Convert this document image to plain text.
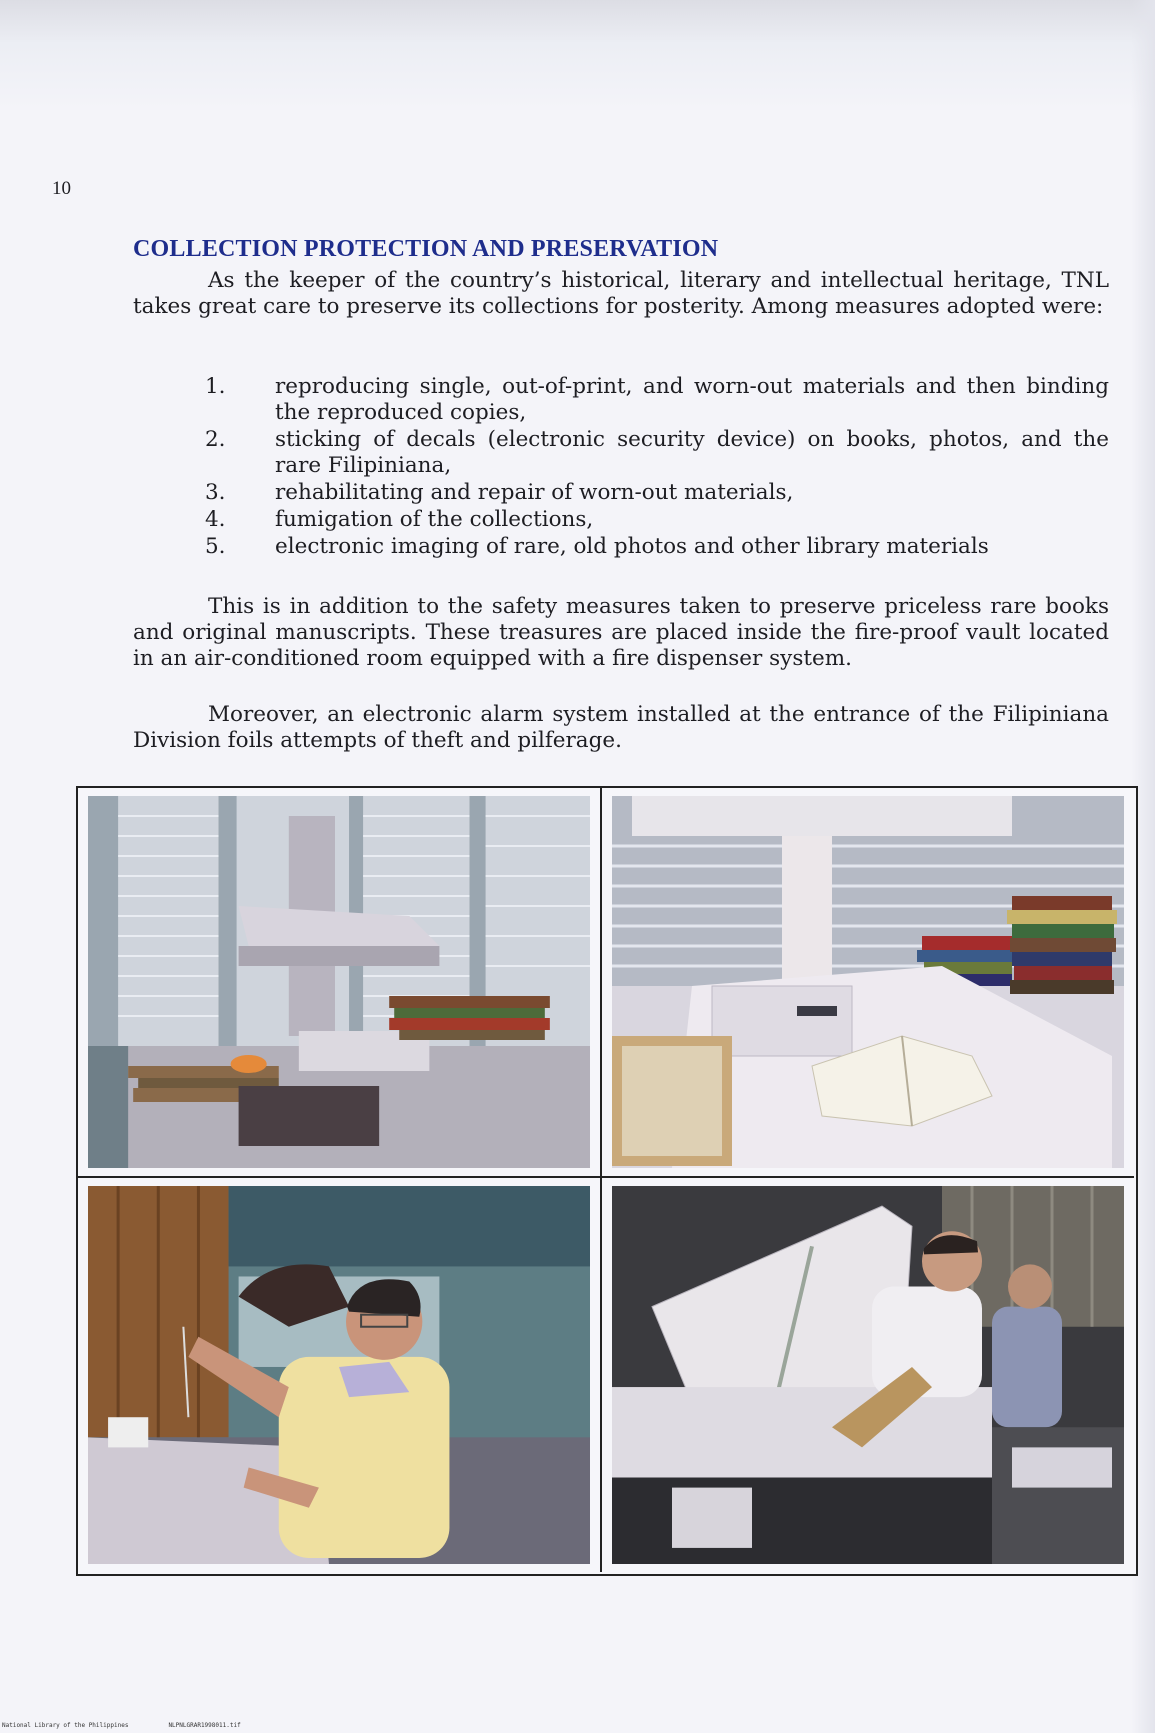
10
COLLECTION PROTECTION AND PRESERVATION

As the keeper of the country’s historical, literary and intellectual heritage, TNL takes great care to preserve its collections for posterity. Among measures adopted were:

1.	reproducing single, out-of-print, and worn-out materials and then binding the reproduced copies,
2.	sticking of decals (electronic security device) on books, photos, and the rare Filipiniana,
3.	rehabilitating and repair of worn-out materials,
4.	fumigation of the collections,
5.	electronic imaging of rare, old photos and other library materials

This is in addition to the safety measures taken to preserve priceless rare books and original manuscripts. These treasures are placed inside the fire-proof vault located in an air-conditioned room equipped with a fire dispenser system.

Moreover, an electronic alarm system installed at the entrance of the Filipiniana Division foils attempts of theft and pilferage.

National Library of the Philippines	NLPNLGRAR1998011.tif
